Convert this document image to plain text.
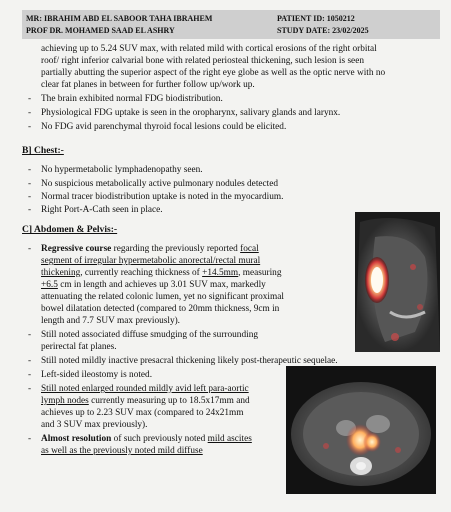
MR: IBRAHIM ABD EL SABOOR TAHA IBRAHEM
PROF DR. MOHAMED SAAD EL ASHRY
PATIENT ID: 1050212
STUDY DATE: 23/02/2025
achieving up to 5.24 SUV max, with related mild with cortical erosions of the right orbital
roof/ right inferior calvarial bone with related periosteal thickening, such lesion is seen
partially abutting the superior aspect of the right eye globe as well as the optic nerve with no
clear fat planes in between for further follow up/work up.
- The brain exhibited normal FDG biodistribution.
- Physiological FDG uptake is seen in the oropharynx, salivary glands and larynx.
- No FDG avid parenchymal thyroid focal lesions could be elicited.
B] Chest:-
- No hypermetabolic lymphadenopathy seen.
- No suspicious metabolically active pulmonary nodules detected
- Normal tracer biodistribution uptake is noted in the myocardium.
- Right Port-A-Cath seen in place.
C] Abdomen & Pelvis:-
- Regressive course regarding the previously reported focal
segment of irregular hypermetabolic anorectal/rectal mural
thickening, currently reaching thickness of +14.5mm, measuring
+6.5 cm in length and achieves up 3.01 SUV max, markedly
attenuating the related colonic lumen, yet no significant proximal
bowel dilatation detected (compared to 20mm thickness, 9cm in
length and 7.7 SUV max previously).
- Still noted associated diffuse smudging of the surrounding
perirectal fat planes.
- Still noted mildly inactive presacral thickening likely post-therapeutic sequelae.
- Left-sided ileostomy is noted.
- Still noted enlarged rounded mildly avid left para-aortic
lymph nodes currently measuring up to 18.5x17mm and
achieves up to 2.23 SUV max (compared to 24x21mm
and 3 SUV max previously).
- Almost resolution of such previously noted mild ascites
as well as the previously noted mild diffuse
